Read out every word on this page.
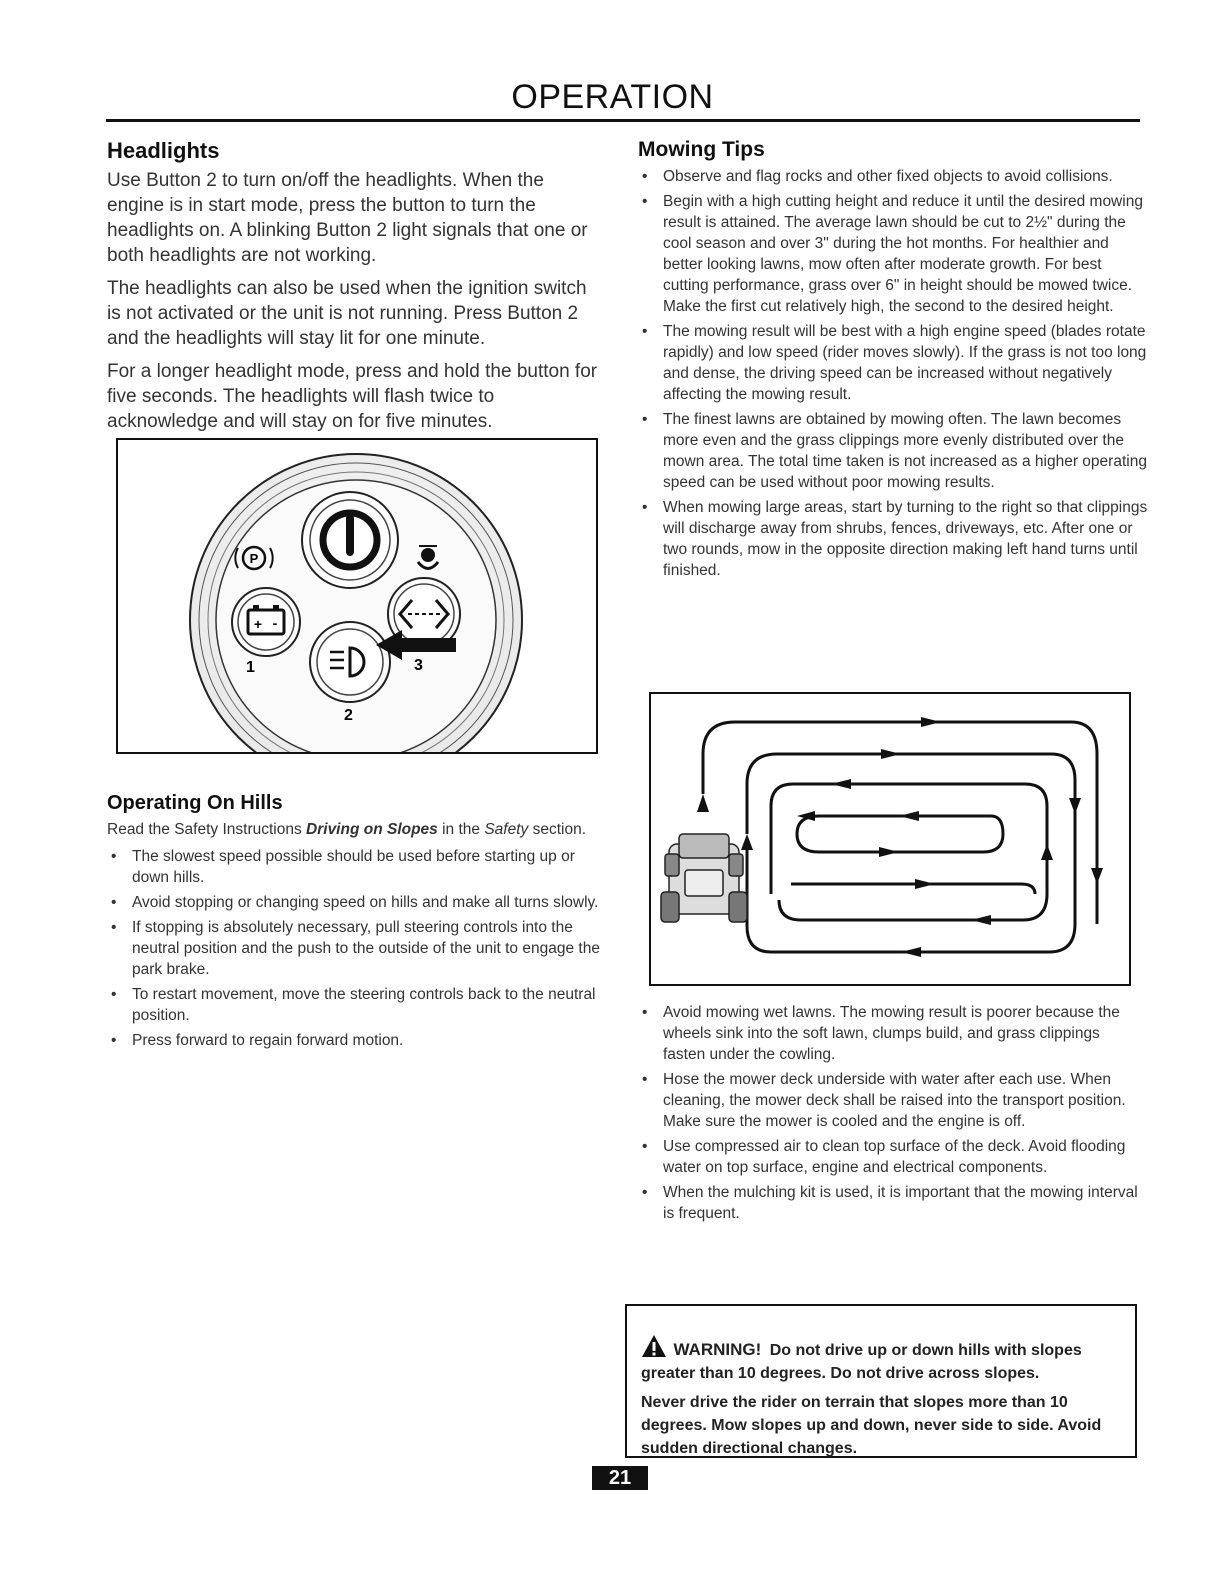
OPERATION
Headlights

Use Button 2 to turn on/off the headlights. When the engine is in start mode, press the button to turn the headlights on. A blinking Button 2 light signals that one or both headlights are not working.

The headlights can also be used when the ignition switch is not activated or the unit is not running. Press Button 2 and the headlights will stay lit for one minute.

For a longer headlight mode, press and hold the button for five seconds. The headlights will flash twice to acknowledge and will stay on for five minutes.

P
+ -
1
2
3
Operating On Hills

Read the Safety Instructions Driving on Slopes in the Safety section.

• The slowest speed possible should be used before starting up or down hills.
• Avoid stopping or changing speed on hills and make all turns slowly.
• If stopping is absolutely necessary, pull steering controls into the neutral position and the push to the outside of the unit to engage the park brake.
• To restart movement, move the steering controls back to the neutral position.
• Press forward to regain forward motion.
Mowing Tips
• Observe and flag rocks and other fixed objects to avoid collisions.
• Begin with a high cutting height and reduce it until the desired mowing result is attained. The average lawn should be cut to 2½" during the cool season and over 3" during the hot months. For healthier and better looking lawns, mow often after moderate growth. For best cutting performance, grass over 6" in height should be mowed twice. Make the first cut relatively high, the second to the desired height.
• The mowing result will be best with a high engine speed (blades rotate rapidly) and low speed (rider moves slowly). If the grass is not too long and dense, the driving speed can be increased without negatively affecting the mowing result.
• The finest lawns are obtained by mowing often. The lawn becomes more even and the grass clippings more evenly distributed over the mown area. The total time taken is not increased as a higher operating speed can be used without poor mowing results.
• When mowing large areas, start by turning to the right so that clippings will discharge away from shrubs, fences, driveways, etc. After one or two rounds, mow in the opposite direction making left hand turns until finished.
• Avoid mowing wet lawns. The mowing result is poorer because the wheels sink into the soft lawn, clumps build, and grass clippings fasten under the cowling.
• Hose the mower deck underside with water after each use. When cleaning, the mower deck shall be raised into the transport position. Make sure the mower is cooled and the engine is off.
• Use compressed air to clean top surface of the deck. Avoid flooding water on top surface, engine and electrical components.
• When the mulching kit is used, it is important that the mowing interval is frequent.
WARNING! Do not drive up or down hills with slopes greater than 10 degrees. Do not drive across slopes.
Never drive the rider on terrain that slopes more than 10 degrees. Mow slopes up and down, never side to side. Avoid sudden directional changes.
21
